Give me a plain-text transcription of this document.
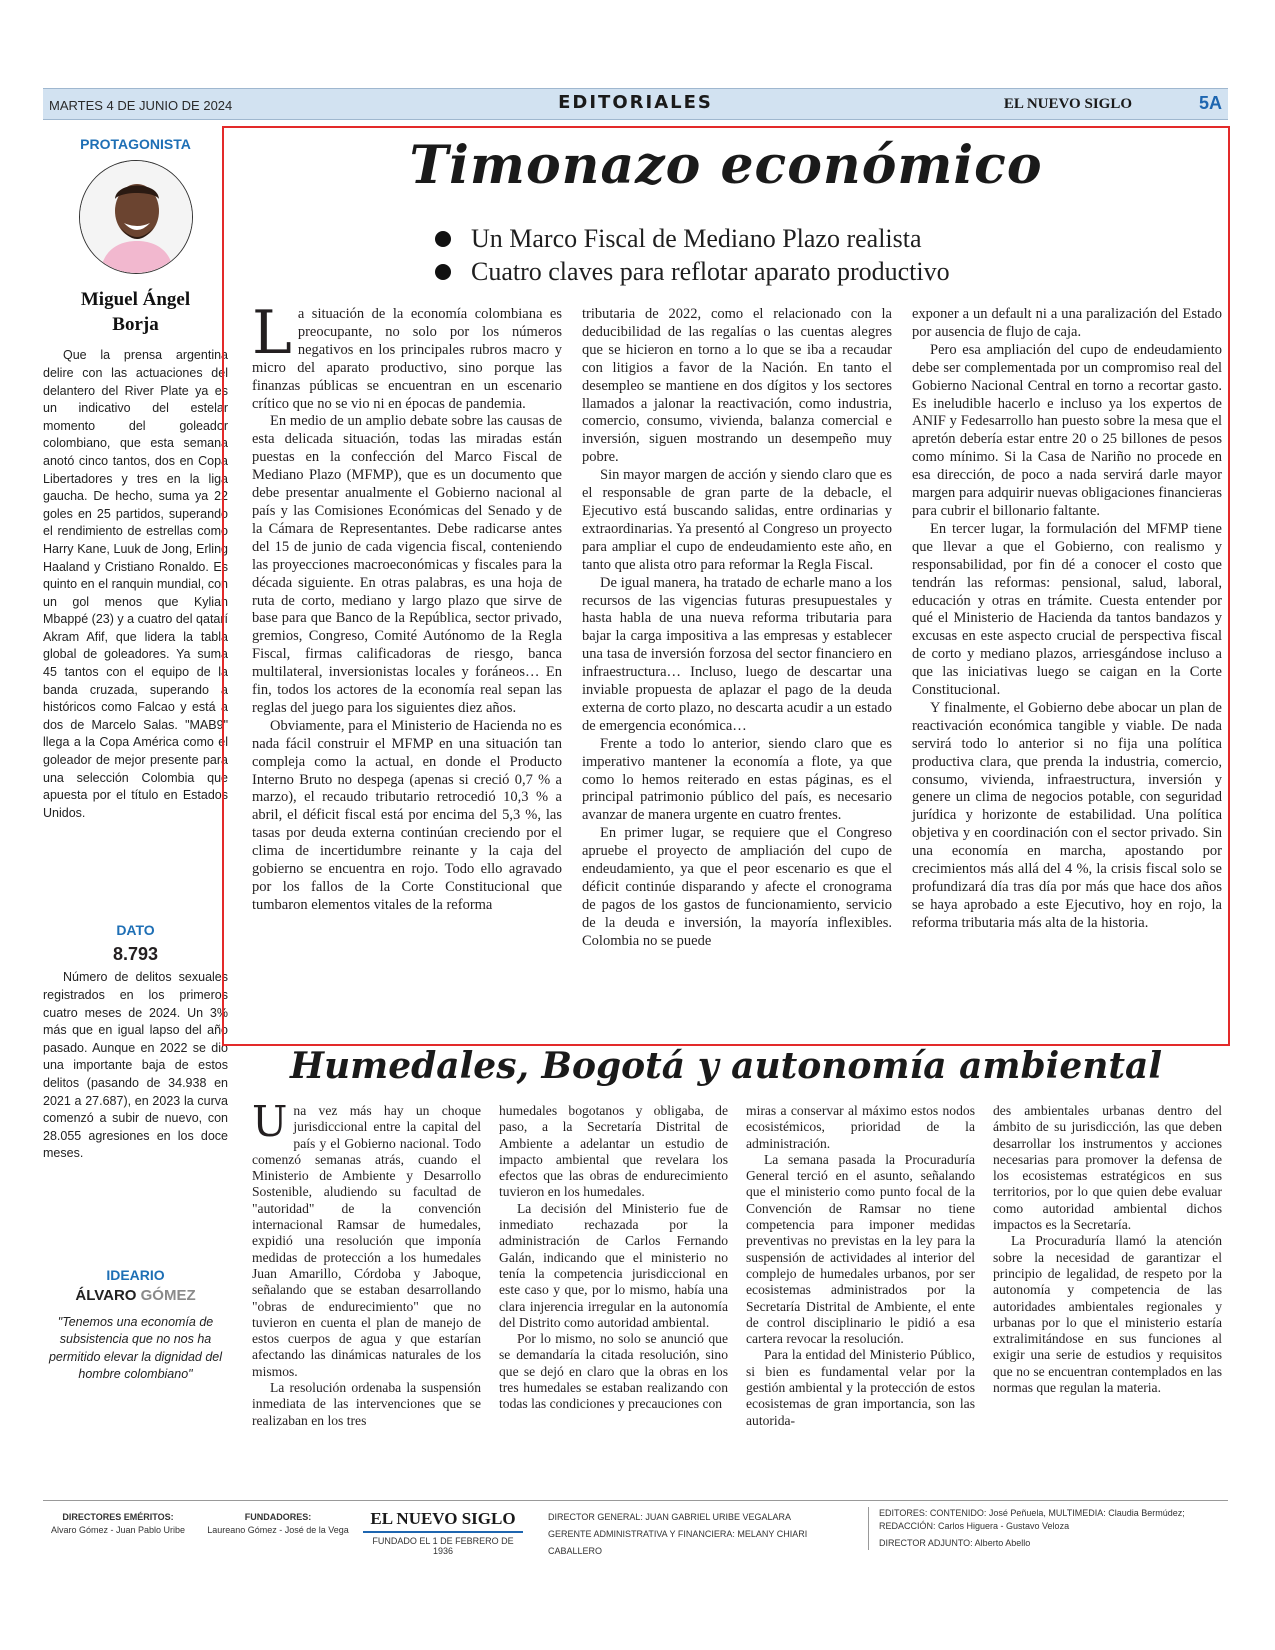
MARTES 4 DE JUNIO DE 2024	EDITORIALES	EL NUEVO SIGLO	5A
PROTAGONISTA
Miguel Ángel
Borja

Que la prensa argentina delire con las actuaciones del delantero del River Plate ya es un indicativo del estelar momento del goleador colombiano, que esta semana anotó cinco tantos, dos en Copa Libertadores y tres en la liga gaucha. De hecho, suma ya 22 goles en 25 partidos, superando el rendimiento de estrellas como Harry Kane, Luuk de Jong, Erling Haaland y Cristiano Ronaldo. Es quinto en el ranquin mundial, con un gol menos que Kylian Mbappé (23) y a cuatro del qatarí Akram Afif, que lidera la tabla global de goleadores. Ya suma 45 tantos con el equipo de la banda cruzada, superando a históricos como Falcao y está a dos de Marcelo Salas. "MAB9" llega a la Copa América como el goleador de mejor presente para una selección Colombia que apuesta por el título en Estados Unidos.

DATO
8.793

Número de delitos sexuales registrados en los primeros cuatro meses de 2024. Un 3% más que en igual lapso del año pasado. Aunque en 2022 se dio una importante baja de estos delitos (pasando de 34.938 en 2021 a 27.687), en 2023 la curva comenzó a subir de nuevo, con 28.055 agresiones en los doce meses.

IDEARIO
ÁLVARO GÓMEZ

"Tenemos una economía de subsistencia que no nos ha permitido elevar la dignidad del hombre colombiano"

Timonazo económico
Un Marco Fiscal de Mediano Plazo realista
Cuatro claves para reflotar aparato productivo

La situación de la economía colombiana es preocupante, no solo por los números negativos en los principales rubros macro y micro del aparato productivo, sino porque las finanzas públicas se encuentran en un escenario crítico que no se vio ni en épocas de pandemia.

En medio de un amplio debate sobre las causas de esta delicada situación, todas las miradas están puestas en la confección del Marco Fiscal de Mediano Plazo (MFMP), que es un documento que debe presentar anualmente el Gobierno nacional al país y las Comisiones Económicas del Senado y de la Cámara de Representantes. Debe radicarse antes del 15 de junio de cada vigencia fiscal, conteniendo las proyecciones macroeconómicas y fiscales para la década siguiente. En otras palabras, es una hoja de ruta de corto, mediano y largo plazo que sirve de base para que Banco de la República, sector privado, gremios, Congreso, Comité Autónomo de la Regla Fiscal, firmas calificadoras de riesgo, banca multilateral, inversionistas locales y foráneos… En fin, todos los actores de la economía real sepan las reglas del juego para los siguientes diez años.

Obviamente, para el Ministerio de Hacienda no es nada fácil construir el MFMP en una situación tan compleja como la actual, en donde el Producto Interno Bruto no despega (apenas si creció 0,7 % a marzo), el recaudo tributario retrocedió 10,3 % a abril, el déficit fiscal está por encima del 5,3 %, las tasas por deuda externa continúan creciendo por el clima de incertidumbre reinante y la caja del gobierno se encuentra en rojo. Todo ello agravado por los fallos de la Corte Constitucional que tumbaron elementos vitales de la reforma

tributaria de 2022, como el relacionado con la deducibilidad de las regalías o las cuentas alegres que se hicieron en torno a lo que se iba a recaudar con litigios a favor de la Nación. En tanto el desempleo se mantiene en dos dígitos y los sectores llamados a jalonar la reactivación, como industria, comercio, consumo, vivienda, balanza comercial e inversión, siguen mostrando un desempeño muy pobre.

Sin mayor margen de acción y siendo claro que es el responsable de gran parte de la debacle, el Ejecutivo está buscando salidas, entre ordinarias y extraordinarias. Ya presentó al Congreso un proyecto para ampliar el cupo de endeudamiento este año, en tanto que alista otro para reformar la Regla Fiscal.

De igual manera, ha tratado de echarle mano a los recursos de las vigencias futuras presupuestales y hasta habla de una nueva reforma tributaria para bajar la carga impositiva a las empresas y establecer una tasa de inversión forzosa del sector financiero en infraestructura… Incluso, luego de descartar una inviable propuesta de aplazar el pago de la deuda externa de corto plazo, no descarta acudir a un estado de emergencia económica…

Frente a todo lo anterior, siendo claro que es imperativo mantener la economía a flote, ya que como lo hemos reiterado en estas páginas, es el principal patrimonio público del país, es necesario avanzar de manera urgente en cuatro frentes.

En primer lugar, se requiere que el Congreso apruebe el proyecto de ampliación del cupo de endeudamiento, ya que el peor escenario es que el déficit continúe disparando y afecte el cronograma de pagos de los gastos de funcionamiento, servicio de la deuda e inversión, la mayoría inflexibles. Colombia no se puede

exponer a un default ni a una paralización del Estado por ausencia de flujo de caja.

Pero esa ampliación del cupo de endeudamiento debe ser complementada por un compromiso real del Gobierno Nacional Central en torno a recortar gasto. Es ineludible hacerlo e incluso ya los expertos de ANIF y Fedesarrollo han puesto sobre la mesa que el apretón debería estar entre 20 o 25 billones de pesos como mínimo. Si la Casa de Nariño no procede en esa dirección, de poco a nada servirá darle mayor margen para adquirir nuevas obligaciones financieras para cubrir el billonario faltante.

En tercer lugar, la formulación del MFMP tiene que llevar a que el Gobierno, con realismo y responsabilidad, por fin dé a conocer el costo que tendrán las reformas: pensional, salud, laboral, educación y otras en trámite. Cuesta entender por qué el Ministerio de Hacienda da tantos bandazos y excusas en este aspecto crucial de perspectiva fiscal de corto y mediano plazos, arriesgándose incluso a que las iniciativas luego se caigan en la Corte Constitucional.

Y finalmente, el Gobierno debe abocar un plan de reactivación económica tangible y viable. De nada servirá todo lo anterior si no fija una política productiva clara, que prenda la industria, comercio, consumo, vivienda, infraestructura, inversión y genere un clima de negocios potable, con seguridad jurídica y horizonte de estabilidad. Una política objetiva y en coordinación con el sector privado. Sin una economía en marcha, apostando por crecimientos más allá del 4 %, la crisis fiscal solo se profundizará día tras día por más que hace dos años se haya aprobado a este Ejecutivo, hoy en rojo, la reforma tributaria más alta de la historia.

Humedales, Bogotá y autonomía ambiental

Una vez más hay un choque jurisdiccional entre la capital del país y el Gobierno nacional. Todo comenzó semanas atrás, cuando el Ministerio de Ambiente y Desarrollo Sostenible, aludiendo su facultad de "autoridad" de la convención internacional Ramsar de humedales, expidió una resolución que imponía medidas de protección a los humedales Juan Amarillo, Córdoba y Jaboque, señalando que se estaban desarrollando "obras de endurecimiento" que no tuvieron en cuenta el plan de manejo de estos cuerpos de agua y que estarían afectando las dinámicas naturales de los mismos.

La resolución ordenaba la suspensión inmediata de las intervenciones que se realizaban en los tres

humedales bogotanos y obligaba, de paso, a la Secretaría Distrital de Ambiente a adelantar un estudio de impacto ambiental que revelara los efectos que las obras de endurecimiento tuvieron en los humedales.

La decisión del Ministerio fue de inmediato rechazada por la administración de Carlos Fernando Galán, indicando que el ministerio no tenía la competencia jurisdiccional en este caso y que, por lo mismo, había una clara injerencia irregular en la autonomía del Distrito como autoridad ambiental.

Por lo mismo, no solo se anunció que se demandaría la citada resolución, sino que se dejó en claro que la obras en los tres humedales se estaban realizando con todas las condiciones y precauciones con

miras a conservar al máximo estos nodos ecosistémicos, prioridad de la administración.

La semana pasada la Procuraduría General terció en el asunto, señalando que el ministerio como punto focal de la Convención de Ramsar no tiene competencia para imponer medidas preventivas no previstas en la ley para la suspensión de actividades al interior del complejo de humedales urbanos, por ser ecosistemas administrados por la Secretaría Distrital de Ambiente, el ente de control disciplinario le pidió a esa cartera revocar la resolución.

Para la entidad del Ministerio Público, si bien es fundamental velar por la gestión ambiental y la protección de estos ecosistemas de gran importancia, son las autorida-

des ambientales urbanas dentro del ámbito de su jurisdicción, las que deben desarrollar los instrumentos y acciones necesarias para promover la defensa de los ecosistemas estratégicos en sus territorios, por lo que quien debe evaluar como autoridad ambiental dichos impactos es la Secretaría.

La Procuraduría llamó la atención sobre la necesidad de garantizar el principio de legalidad, de respeto por la autonomía y competencia de las autoridades ambientales regionales y urbanas por lo que el ministerio estaría extralimitándose en sus funciones al exigir una serie de estudios y requisitos que no se encuentran contemplados en las normas que regulan la materia.

DIRECTORES EMÉRITOS:
Alvaro Gómez - Juan Pablo Uribe
FUNDADORES:
Laureano Gómez - José de la Vega
EL NUEVO SIGLO
FUNDADO EL 1 DE FEBRERO DE 1936
DIRECTOR GENERAL: JUAN GABRIEL URIBE VEGALARA
GERENTE ADMINISTRATIVA Y FINANCIERA: MELANY CHIARI CABALLERO
EDITORES: CONTENIDO: José Peñuela, MULTIMEDIA: Claudia Bermúdez;
REDACCIÓN: Carlos Higuera - Gustavo Veloza
DIRECTOR ADJUNTO: Alberto Abello
